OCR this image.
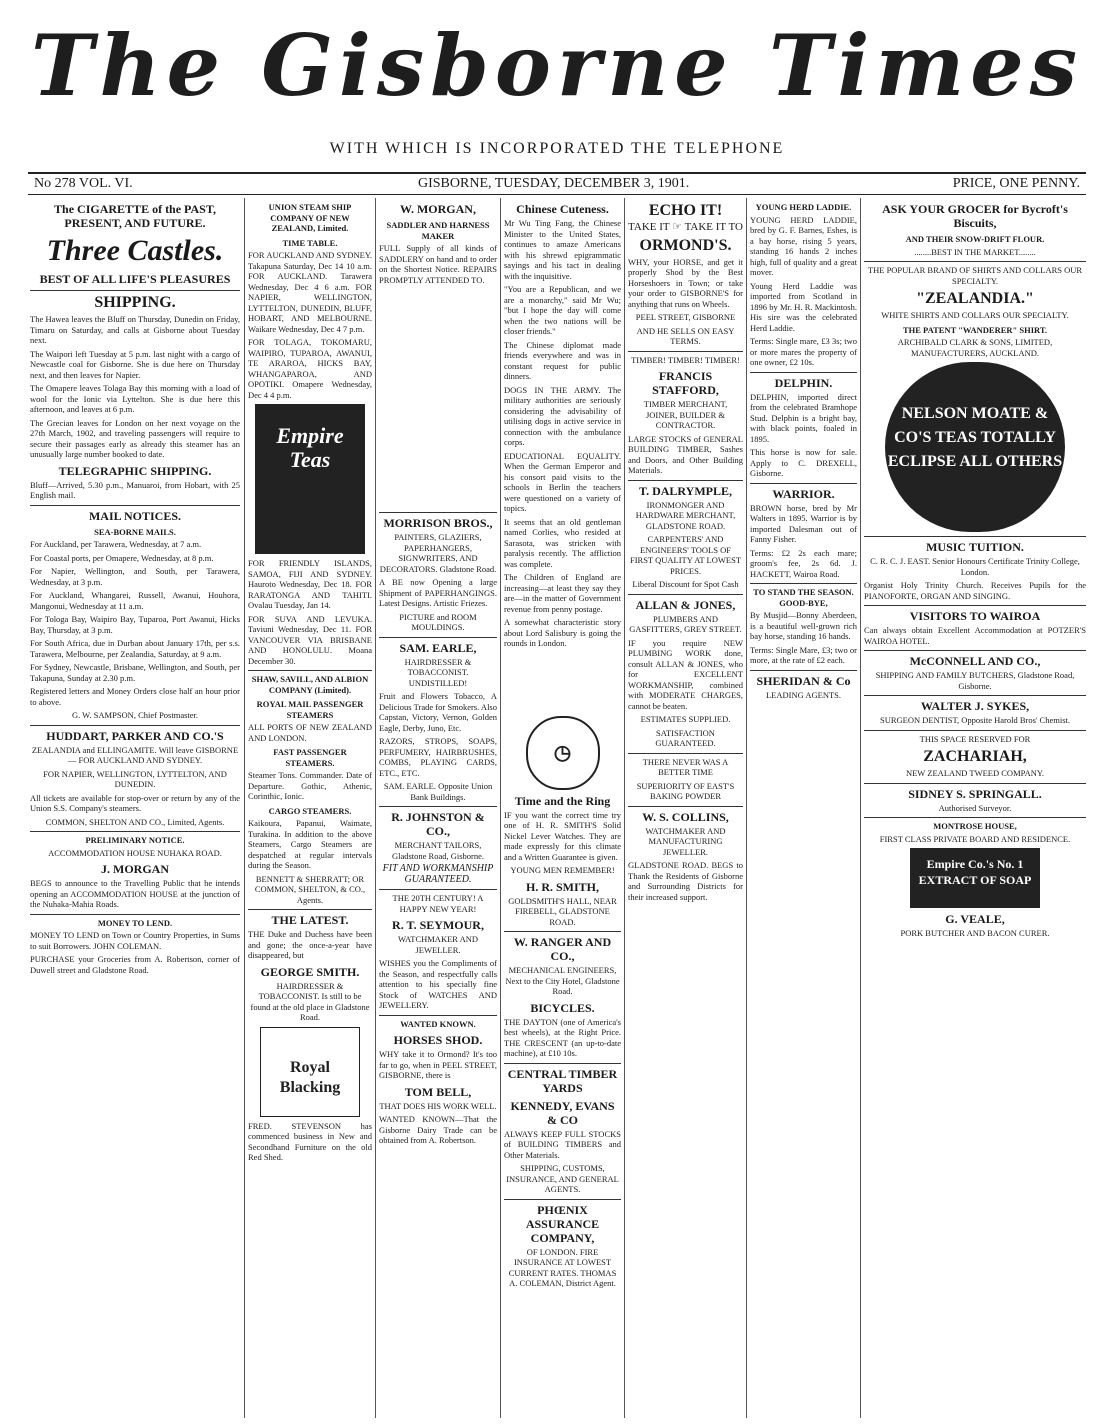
The Gisborne Times
WITH WHICH IS INCORPORATED THE TELEPHONE
No 278 VOL. VI.	GISBORNE, TUESDAY, DECEMBER 3, 1901.	PRICE, ONE PENNY.
The CIGARETTE of the PAST, PRESENT, AND FUTURE.
Three Castles.
BEST OF ALL LIFE'S PLEASURES
SHIPPING.

The Hawea leaves the Bluff on Thursday, Dunedin on Friday, Timaru on Saturday, and calls at Gisborne about Tuesday next.

The Waipori left Tuesday at 5 p.m. last night with a cargo of Newcastle coal for Gisborne. She is due here on Thursday next, and then leaves for Napier.

The Omapere leaves Tolaga Bay this morning with a load of wool for the Ionic via Lyttelton. She is due here this afternoon, and leaves at 6 p.m.

The Grecian leaves for London on her next voyage on the 27th March, 1902, and traveling passengers will require to secure their passages early as already this steamer has an unusually large number booked to date.

TELEGRAPHIC SHIPPING.

Bluff—Arrived, 5.30 p.m., Manuaroi, from Hobart, with 25 English mail.

MAIL NOTICES.
SEA-BORNE MAILS.

For Auckland, per Tarawera, Wednesday, at 7 a.m.

For Coastal ports, per Omapere, Wednesday, at 8 p.m.

For Napier, Wellington, and South, per Tarawera, Wednesday, at 3 p.m.

For Auckland, Whangarei, Russell, Awanui, Houhora, Mangonui, Wednesday at 11 a.m.

For Tologa Bay, Waipiro Bay, Tuparoa, Port Awanui, Hicks Bay, Thursday, at 3 p.m.

For South Africa, due in Durban about January 17th, per s.s. Tarawera, Melbourne, per Zealandia, Saturday, at 9 a.m.

For Sydney, Newcastle, Brisbane, Wellington, and South, per Takapuna, Sunday at 2.30 p.m.

Registered letters and Money Orders close half an hour prior to above.

G. W. SAMPSON, Chief Postmaster.

HUDDART, PARKER AND CO.'S

ZEALANDIA and ELLINGAMITE. Will leave GISBORNE— FOR AUCKLAND AND SYDNEY.

FOR NAPIER, WELLINGTON, LYTTELTON, AND DUNEDIN.

All tickets are available for stop-over or return by any of the Union S.S. Company's steamers.

COMMON, SHELTON AND CO., Limited, Agents.

PRELIMINARY NOTICE.

ACCOMMODATION HOUSE NUHAKA ROAD.

J. MORGAN

BEGS to announce to the Travelling Public that he intends opening an ACCOMMODATION HOUSE at the junction of the Nuhaka-Mahia Roads.

MONEY TO LEND.

MONEY TO LEND on Town or Country Properties, in Sums to suit Borrowers. JOHN COLEMAN.

PURCHASE your Groceries from A. Robertson, corner of Duwell street and Gladstone Road.

UNION STEAM SHIP COMPANY OF NEW ZEALAND, Limited.
TIME TABLE.

FOR AUCKLAND AND SYDNEY. Takapuna Saturday, Dec 14 10 a.m. FOR AUCKLAND. Tarawera Wednesday, Dec 4 6 a.m. FOR NAPIER, WELLINGTON, LYTTELTON, DUNEDIN, BLUFF, HOBART, AND MELBOURNE. Waikare Wednesday, Dec 4 7 p.m.

FOR TOLAGA, TOKOMARU, WAIPIRO, TUPAROA, AWANUI, TE ARAROA, HICKS BAY, WHANGAPAROA, AND OPOTIKI. Omapere Wednesday, Dec 4 4 p.m.

Empire Teas

FOR FRIENDLY ISLANDS, SAMOA, FIJI AND SYDNEY. Hauroto Wednesday, Dec 18. FOR RARATONGA AND TAHITI. Ovalau Tuesday, Jan 14.

FOR SUVA AND LEVUKA. Taviuni Wednesday, Dec 11. FOR VANCOUVER VIA BRISBANE AND HONOLULU. Moana December 30.

SHAW, SAVILL, AND ALBION COMPANY (Limited).
ROYAL MAIL PASSENGER STEAMERS

ALL PORTS OF NEW ZEALAND AND LONDON.

FAST PASSENGER STEAMERS.

Steamer Tons. Commander. Date of Departure. Gothic, Athenic, Corinthic, Ionic.

CARGO STEAMERS.

Kaikoura, Papanui, Waimate, Turakina. In addition to the above Steamers, Cargo Steamers are despatched at regular intervals during the Season.

BENNETT & SHERRATT; OR COMMON, SHELTON, & CO., Agents.

THE LATEST.

THE Duke and Duchess have been and gone; the once-a-year have disappeared, but

GEORGE SMITH.

HAIRDRESSER & TOBACCONIST. Is still to be found at the old place in Gladstone Road.

Royal Blacking

FRED. STEVENSON has commenced business in New and Secondhand Furniture on the old Red Shed.

W. MORGAN,
SADDLER AND HARNESS MAKER

FULL Supply of all kinds of SADDLERY on hand and to order on the Shortest Notice. REPAIRS PROMPTLY ATTENDED TO.

MORRISON BROS.,

PAINTERS, GLAZIERS, PAPERHANGERS, SIGNWRITERS, AND DECORATORS. Gladstone Road.

A BE now Opening a large Shipment of PAPERHANGINGS. Latest Designs. Artistic Friezes.

PICTURE and ROOM MOULDINGS.

SAM. EARLE,

HAIRDRESSER & TOBACCONIST. UNDISTILLED!

Fruit and Flowers Tobacco, A Delicious Trade for Smokers. Also Capstan, Victory, Vernon, Golden Eagle, Derby, Juno, Etc.

RAZORS, STROPS, SOAPS, PERFUMERY, HAIRBRUSHES, COMBS, PLAYING CARDS, ETC., ETC.

SAM. EARLE. Opposite Union Bank Buildings.

R. JOHNSTON & CO.,

MERCHANT TAILORS, Gladstone Road, Gisborne.

FIT AND WORKMANSHIP GUARANTEED.

THE 20TH CENTURY! A HAPPY NEW YEAR!

R. T. SEYMOUR,

WATCHMAKER AND JEWELLER.

WISHES you the Compliments of the Season, and respectfully calls attention to his specially fine Stock of WATCHES AND JEWELLERY.

WANTED KNOWN.
HORSES SHOD.

WHY take it to Ormond? It's too far to go, when in PEEL STREET, GISBORNE, there is

TOM BELL,

THAT DOES HIS WORK WELL.

WANTED KNOWN—That the Gisborne Dairy Trade can be obtained from A. Robertson.

Chinese Cuteness.

Mr Wu Ting Fang, the Chinese Minister to the United States, continues to amaze Americans with his shrewd epigrammatic sayings and his tact in dealing with the inquisitive.

"You are a Republican, and we are a monarchy," said Mr Wu; "but I hope the day will come when the two nations will be closer friends."

The Chinese diplomat made friends everywhere and was in constant request for public dinners.

DOGS IN THE ARMY. The military authorities are seriously considering the advisability of utilising dogs in active service in connection with the ambulance corps.

EDUCATIONAL EQUALITY. When the German Emperor and his consort paid visits to the schools in Berlin the teachers were questioned on a variety of topics.

It seems that an old gentleman named Corlies, who resided at Sarasota, was stricken with paralysis recently. The affliction was complete.

The Children of England are increasing—at least they say they are—in the matter of Government revenue from penny postage.

A somewhat characteristic story about Lord Salisbury is going the rounds in London.

◷
Time and the Ring

IF you want the correct time try one of H. R. SMITH'S Solid Nickel Lever Watches. They are made expressly for this climate and a Written Guarantee is given.

YOUNG MEN REMEMBER!

H. R. SMITH,

GOLDSMITH'S HALL, NEAR FIREBELL, GLADSTONE ROAD.

W. RANGER AND CO.,

MECHANICAL ENGINEERS, Next to the City Hotel, Gladstone Road.

BICYCLES.

THE DAYTON (one of America's best wheels), at the Right Price. THE CRESCENT (an up-to-date machine), at £10 10s.

CENTRAL TIMBER YARDS
KENNEDY, EVANS & CO

ALWAYS KEEP FULL STOCKS of BUILDING TIMBERS and Other Materials.

SHIPPING, CUSTOMS, INSURANCE, AND GENERAL AGENTS.

PHŒNIX ASSURANCE COMPANY,

OF LONDON. FIRE INSURANCE AT LOWEST CURRENT RATES. THOMAS A. COLEMAN, District Agent.

ECHO IT!

TAKE IT ☞ TAKE IT TO

ORMOND'S.

WHY, your HORSE, and get it properly Shod by the Best Horseshoers in Town; or take your order to GISBORNE'S for anything that runs on Wheels.

PEEL STREET, GISBORNE

AND HE SELLS ON EASY TERMS.

TIMBER! TIMBER! TIMBER!

FRANCIS STAFFORD,

TIMBER MERCHANT, JOINER, BUILDER & CONTRACTOR.

LARGE STOCKS of GENERAL BUILDING TIMBER, Sashes and Doors, and Other Building Materials.

T. DALRYMPLE,

IRONMONGER AND HARDWARE MERCHANT, GLADSTONE ROAD.

CARPENTERS' AND ENGINEERS' TOOLS OF FIRST QUALITY AT LOWEST PRICES.

Liberal Discount for Spot Cash

ALLAN & JONES,

PLUMBERS AND GASFITTERS, GREY STREET.

IF you require NEW PLUMBING WORK done, consult ALLAN & JONES, who for EXCELLENT WORKMANSHIP, combined with MODERATE CHARGES, cannot be beaten.

ESTIMATES SUPPLIED.

SATISFACTION GUARANTEED.

THERE NEVER WAS A BETTER TIME

SUPERIORITY OF EAST'S BAKING POWDER

W. S. COLLINS,

WATCHMAKER AND MANUFACTURING JEWELLER.

GLADSTONE ROAD. BEGS to Thank the Residents of Gisborne and Surrounding Districts for their increased support.

YOUNG HERD LADDIE.

YOUNG HERD LADDIE, bred by G. F. Barnes, Eshes, is a bay horse, rising 5 years, standing 16 hands 2 inches high, full of quality and a great mover.

Young Herd Laddie was imported from Scotland in 1896 by Mr. H. R. Mackintosh. His sire was the celebrated Herd Laddie.

Terms: Single mare, £3 3s; two or more mares the property of one owner, £2 10s.

DELPHIN.

DELPHIN, imported direct from the celebrated Bramhope Stud. Delphin is a bright bay, with black points, foaled in 1895.

This horse is now for sale. Apply to C. DREXELL, Gisborne.

WARRIOR.

BROWN horse, bred by Mr Walters in 1895. Warrior is by imported Dalesman out of Fanny Fisher.

Terms: £2 2s each mare; groom's fee, 2s 6d. J. HACKETT, Wairoa Road.

TO STAND THE SEASON. GOOD-BYE,

By Musjid—Bonny Aberdeen, is a beautiful well-grown rich bay horse, standing 16 hands.

Terms: Single Mare, £3; two or more, at the rate of £2 each.

SHERIDAN & Co

LEADING AGENTS.

ASK YOUR GROCER for Bycroft's Biscuits,
AND THEIR SNOW-DRIFT FLOUR.

........BEST IN THE MARKET........

THE POPULAR BRAND OF SHIRTS AND COLLARS OUR SPECIALTY.

"ZEALANDIA."

WHITE SHIRTS AND COLLARS OUR SPECIALTY.

THE PATENT "WANDERER" SHIRT.

ARCHIBALD CLARK & SONS, LIMITED, MANUFACTURERS, AUCKLAND.

NELSON MOATE & CO'S TEAS TOTALLY ECLIPSE ALL OTHERS
MUSIC TUITION.

C. R. C. J. EAST. Senior Honours Certificate Trinity College, London.

Organist Holy Trinity Church. Receives Pupils for the PIANOFORTE, ORGAN AND SINGING.

VISITORS TO WAIROA

Can always obtain Excellent Accommodation at POTZER'S WAIROA HOTEL.

McCONNELL AND CO.,

SHIPPING AND FAMILY BUTCHERS, Gladstone Road, Gisborne.

WALTER J. SYKES,

SURGEON DENTIST, Opposite Harold Bros' Chemist.

THIS SPACE RESERVED FOR

ZACHARIAH,

NEW ZEALAND TWEED COMPANY.

SIDNEY S. SPRINGALL.

Authorised Surveyor.

MONTROSE HOUSE,

FIRST CLASS PRIVATE BOARD AND RESIDENCE.

Empire Co.'s No. 1 EXTRACT OF SOAP
G. VEALE,

PORK BUTCHER AND BACON CURER.
